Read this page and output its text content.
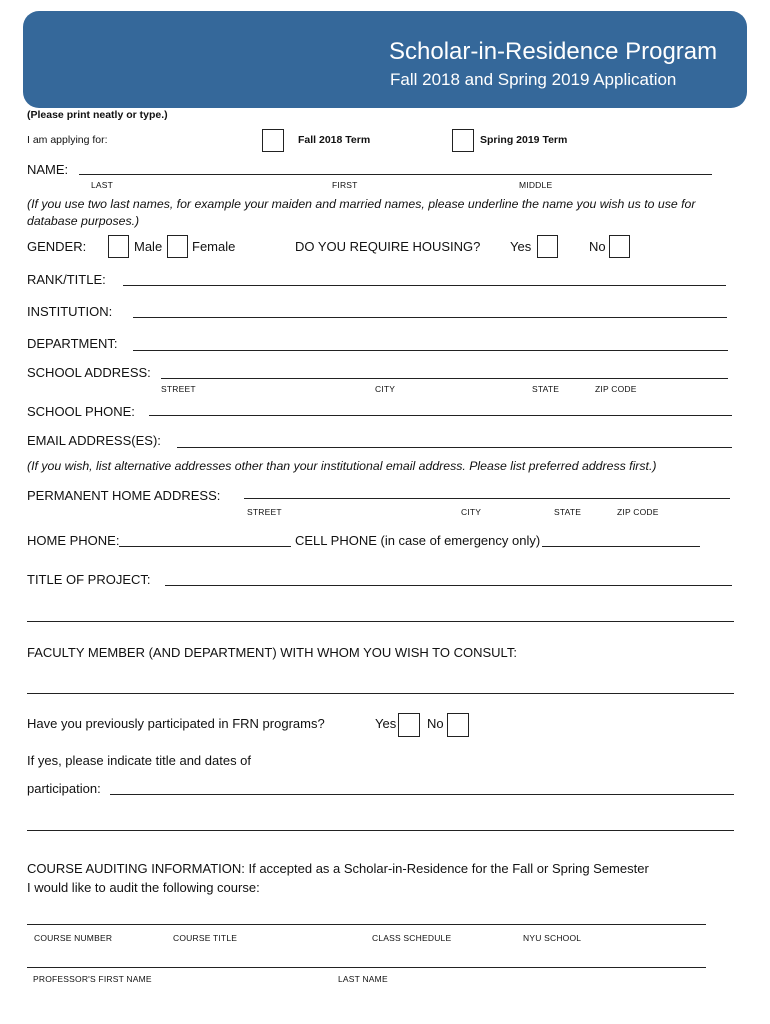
Scholar-in-Residence Program
Fall 2018 and Spring 2019 Application
(Please print neatly or type.)
I am applying for:	Fall 2018 Term	Spring 2019 Term
NAME:
LAST	FIRST	MIDDLE
(If you use two last names, for example your maiden and married names, please underline the name you wish us to use for database purposes.)
GENDER:	Male Female	DO YOU REQUIRE HOUSING? Yes	No
RANK/TITLE:
INSTITUTION:
DEPARTMENT:
SCHOOL ADDRESS:
STREET	CITY	STATE	ZIP CODE
SCHOOL PHONE:
EMAIL ADDRESS(ES):
(If you wish, list alternative addresses other than your institutional email address. Please list preferred address first.)
PERMANENT HOME ADDRESS:
STREET	CITY	STATE	ZIP CODE
HOME PHONE:	CELL PHONE (in case of emergency only)
TITLE OF PROJECT:
FACULTY MEMBER (AND DEPARTMENT) WITH WHOM YOU WISH TO CONSULT:
Have you previously participated in FRN programs?	Yes No
If yes, please indicate title and dates of
participation:
COURSE AUDITING INFORMATION: If accepted as a Scholar-in-Residence for the Fall or Spring Semester
I would like to audit the following course:
COURSE NUMBER	COURSE TITLE	CLASS SCHEDULE	NYU SCHOOL
PROFESSOR'S FIRST NAME	LAST NAME
